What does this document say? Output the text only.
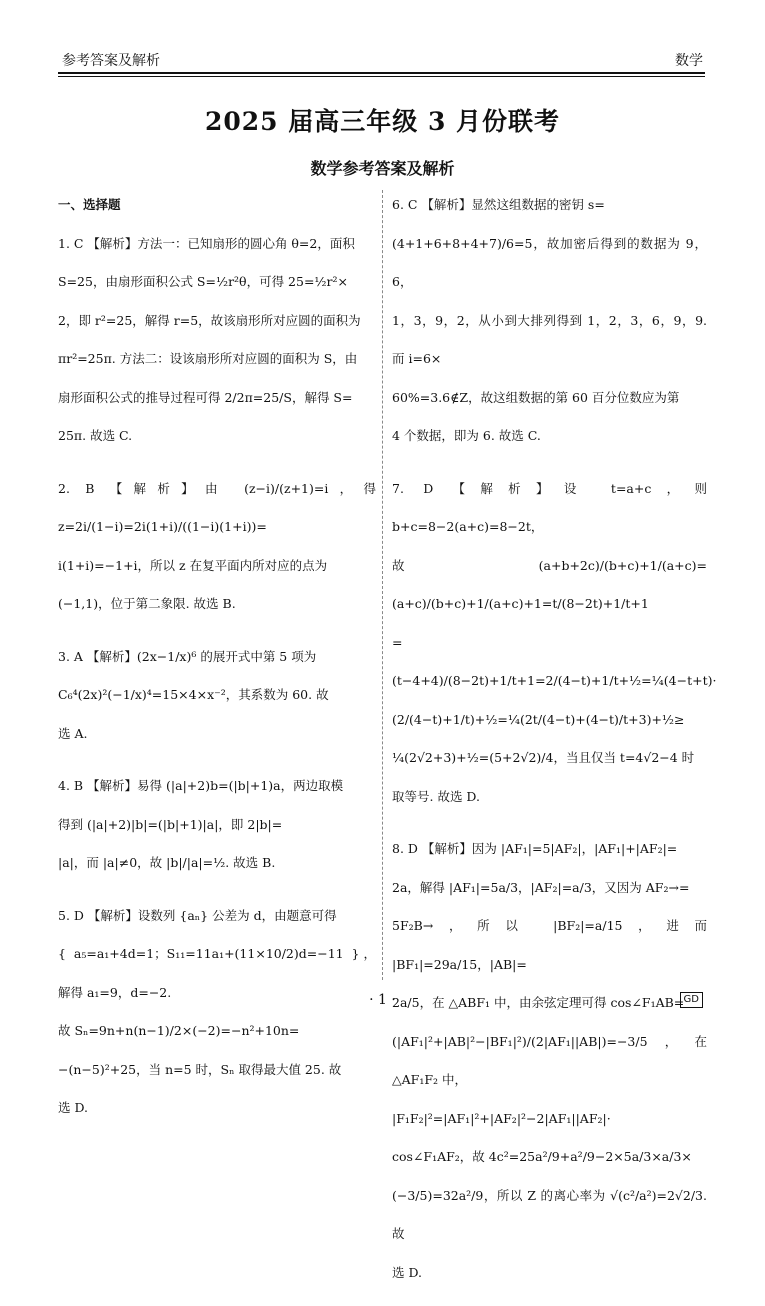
参考答案及解析	数学
2025 届高三年级 3 月份联考
数学参考答案及解析
一、选择题
1. C 【解析】方法一：已知扇形的圆心角 θ=2，面积
S=25，由扇形面积公式 S=½r²θ，可得 25=½r²×
2，即 r²=25，解得 r=5，故该扇形所对应圆的面积为
πr²=25π. 方法二：设该扇形所对应圆的面积为 S，由
扇形面积公式的推导过程可得 2/2π=25/S，解得 S=
25π. 故选 C.
2. B 【解析】由 (z−i)/(z+1)=i，得 z=2i/(1−i)=2i(1+i)/((1−i)(1+i))=
i(1+i)=−1+i，所以 z 在复平面内所对应的点为
(−1,1)，位于第二象限. 故选 B.
3. A 【解析】(2x−1/x)⁶ 的展开式中第 5 项为
C₆⁴(2x)²(−1/x)⁴=15×4×x⁻²，其系数为 60. 故
选 A.
4. B 【解析】易得 (|a|+2)b=(|b|+1)a，两边取模
得到 (|a|+2)|b|=(|b|+1)|a|，即 2|b|=
|a|，而 |a|≠0，故 |b|/|a|=½. 故选 B.
5. D 【解析】设数列 {aₙ} 公差为 d，由题意可得
{ a₅=a₁+4d=1；S₁₁=11a₁+(11×10/2)d=−11 }，解得 a₁=9，d=−2.
故 Sₙ=9n+n(n−1)/2×(−2)=−n²+10n=
−(n−5)²+25，当 n=5 时，Sₙ 取得最大值 25. 故
选 D.
6. C 【解析】显然这组数据的密钥 s=
(4+1+6+8+4+7)/6=5，故加密后得到的数据为 9，6，
1，3，9，2，从小到大排列得到 1，2，3，6，9，9. 而 i=6×
60%=3.6∉Z，故这组数据的第 60 百分位数应为第
4 个数据，即为 6. 故选 C.
7. D 【解析】设 t=a+c，则 b+c=8−2(a+c)=8−2t，
故 (a+b+2c)/(b+c)+1/(a+c)=(a+c)/(b+c)+1/(a+c)+1=t/(8−2t)+1/t+1
=(t−4+4)/(8−2t)+1/t+1=2/(4−t)+1/t+½=¼(4−t+t)·
(2/(4−t)+1/t)+½=¼(2t/(4−t)+(4−t)/t+3)+½≥
¼(2√2+3)+½=(5+2√2)/4，当且仅当 t=4√2−4 时
取等号. 故选 D.
8. D 【解析】因为 |AF₁|=5|AF₂|，|AF₁|+|AF₂|=
2a，解得 |AF₁|=5a/3，|AF₂|=a/3，又因为 AF₂→=
5F₂B→，所以 |BF₂|=a/15，进而 |BF₁|=29a/15，|AB|=
2a/5，在 △ABF₁ 中，由余弦定理可得 cos∠F₁AB=
(|AF₁|²+|AB|²−|BF₁|²)/(2|AF₁||AB|)=−3/5，在 △AF₁F₂ 中，
|F₁F₂|²=|AF₁|²+|AF₂|²−2|AF₁||AF₂|·
cos∠F₁AF₂，故 4c²=25a²/9+a²/9−2×5a/3×a/3×
(−3/5)=32a²/9，所以 Z 的离心率为 √(c²/a²)=2√2/3. 故
选 D.
· 1 ·	GD
